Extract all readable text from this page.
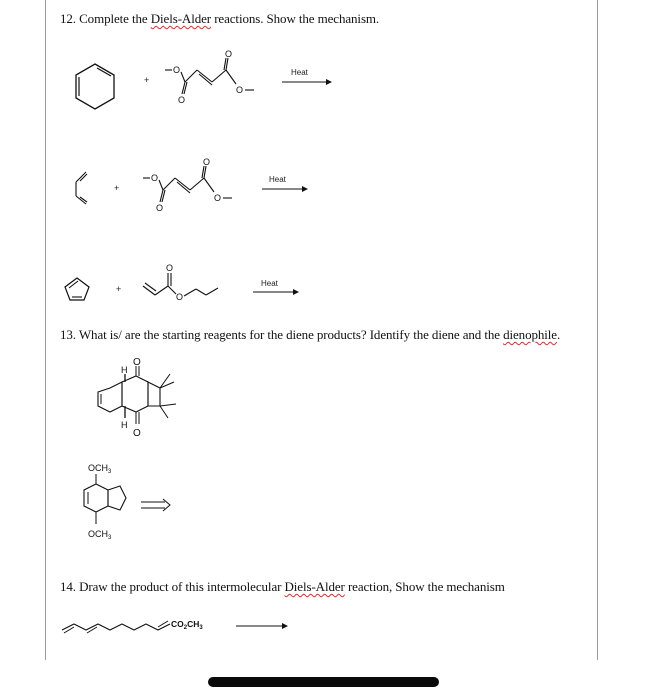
12. Complete the Diels-Alder reactions. Show the mechanism.
+
O
O
O
O
Heat
+
O
O
O
O
Heat
+
O
O
Heat
13. What is/ are the starting reagents for the diene products? Identify the diene and the dienophile.
O
O
H
H
$OCH_3$
$OCH_3$
14. Draw the product of this intermolecular Diels-Alder reaction, Show the mechanism
$CO_2CH_3$
